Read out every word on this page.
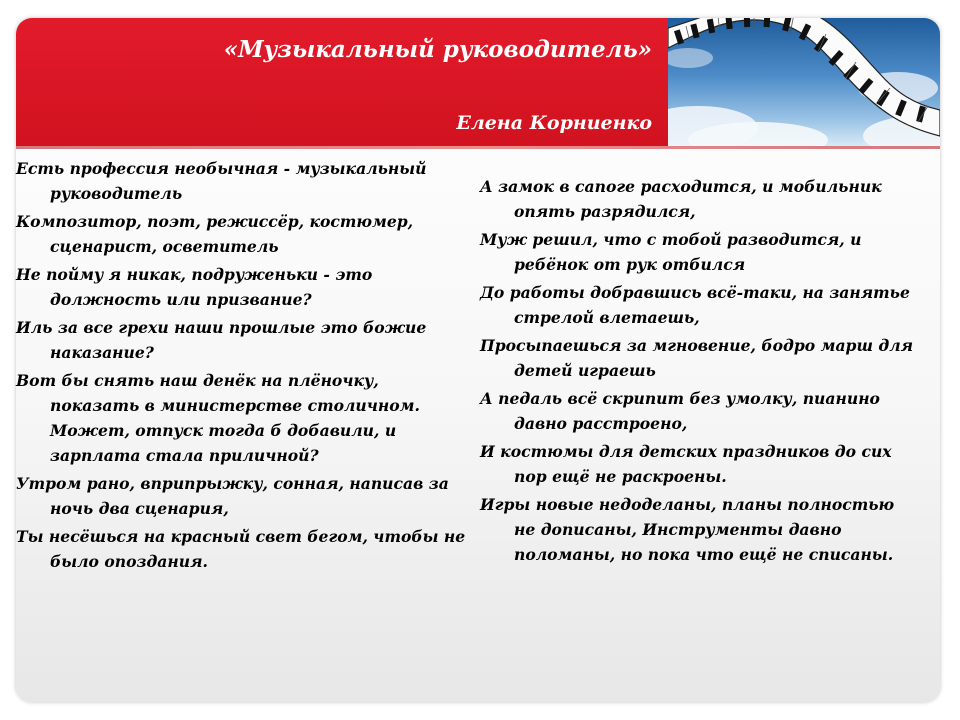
«Музыкальный руководитель»
Елена Корниенко

Есть профессия необычная - музыкальный руководитель

Композитор, поэт, режиссёр, костюмер, сценарист, осветитель

Не пойму я никак, подруженьки - это должность или призвание?

Иль за все грехи наши прошлые это божие наказание?

Вот бы снять наш денёк на плёночку, показать в министерстве столичном. Может, отпуск тогда б добавили, и зарплата стала приличной?

Утром рано, вприпрыжку, сонная, написав за ночь два сценария,

Ты несёшься на красный свет бегом, чтобы не было опоздания.

А замок в сапоге расходится, и мобильник опять разрядился,

Муж решил, что с тобой разводится, и ребёнок от рук отбился

До работы добравшись всё-таки, на занятье стрелой влетаешь,

Просыпаешься за мгновение, бодро марш для детей играешь

А педаль всё скрипит без умолку, пианино давно расстроено,

И костюмы для детских праздников до сих пор ещё не раскроены.

Игры новые недоделаны, планы полностью не дописаны, Инструменты давно поломаны, но пока что ещё не списаны.
